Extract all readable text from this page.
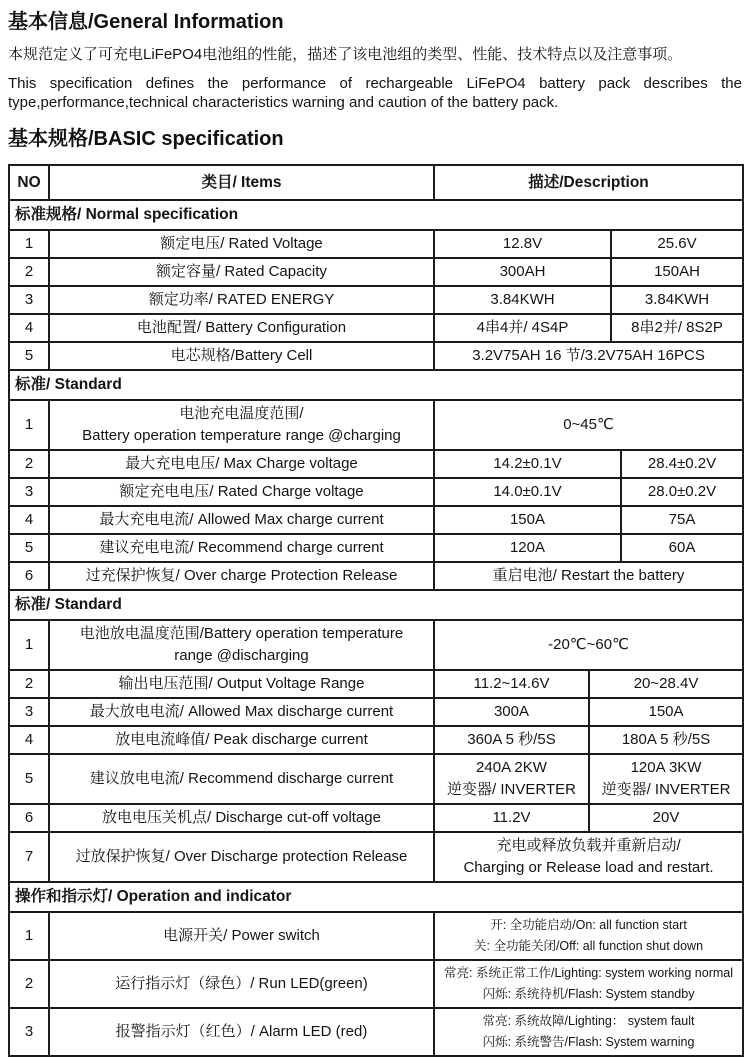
基本信息/General Information

本规范定义了可充电LiFePO4电池组的性能，描述了该电池组的类型、性能、技术特点以及注意事项。

This specification defines the performance of rechargeable LiFePO4 battery pack describes the
type,performance,technical characteristics warning and caution of the battery pack.

基本规格/BASIC specification
NO	类目/ Items	描述/Description
标准规格/ Normal specification			
1	额定电压/ Rated Voltage	12.8V	25.6V

2	额定容量/ Rated Capacity	300AH	150AH

3	额定功率/ RATED ENERGY	3.84KWH	3.84KWH

4	电池配置/ Battery Configuration	4串4并/ 4S4P	8串2并/ 8S2P

5	电芯规格/Battery Cell	3.2V75AH 16 节/3.2V75AH 16PCS	
标准/ Standard			
1	电池充电温度范围/
Battery operation temperature range @charging	0~45℃	

2	最大充电电压/ Max Charge voltage	14.2±0.1V	28.4±0.2V

3	额定充电电压/ Rated Charge voltage	14.0±0.1V	28.0±0.2V

4	最大充电电流/ Allowed Max charge current	150A	75A

5	建议充电电流/ Recommend charge current	120A	60A

6	过充保护恢复/ Over charge Protection Release	重启电池/ Restart the battery	
标准/ Standard			
1	电池放电温度范围/Battery operation temperature
range @discharging	-20℃~60℃	

2	输出电压范围/ Output Voltage Range	11.2~14.6V	20~28.4V

3	最大放电电流/ Allowed Max discharge current	300A	150A

4	放电电流峰值/ Peak discharge current	360A 5 秒/5S	180A 5 秒/5S

5	建议放电电流/ Recommend discharge current	240A 2KW
逆变器/ INVERTER	120A 3KW
逆变器/ INVERTER

6	放电电压关机点/ Discharge cut-off voltage	11.2V	20V

7	过放保护恢复/ Over Discharge protection Release	充电或释放负载并重新启动/
Charging or Release load and restart.	
操作和指示灯/ Operation and indicator		
1	电源开关/ Power switch	开: 全功能启动/On: all function start
关: 全功能关闭/Off: all function shut down

2	运行指示灯（绿色）/ Run LED(green)	常亮: 系统正常工作/Lighting: system working normal
闪烁: 系统待机/Flash: System standby

3	报警指示灯（红色）/ Alarm LED (red)	常亮: 系统故障/Lighting： system fault
闪烁: 系统警告/Flash: System warning
